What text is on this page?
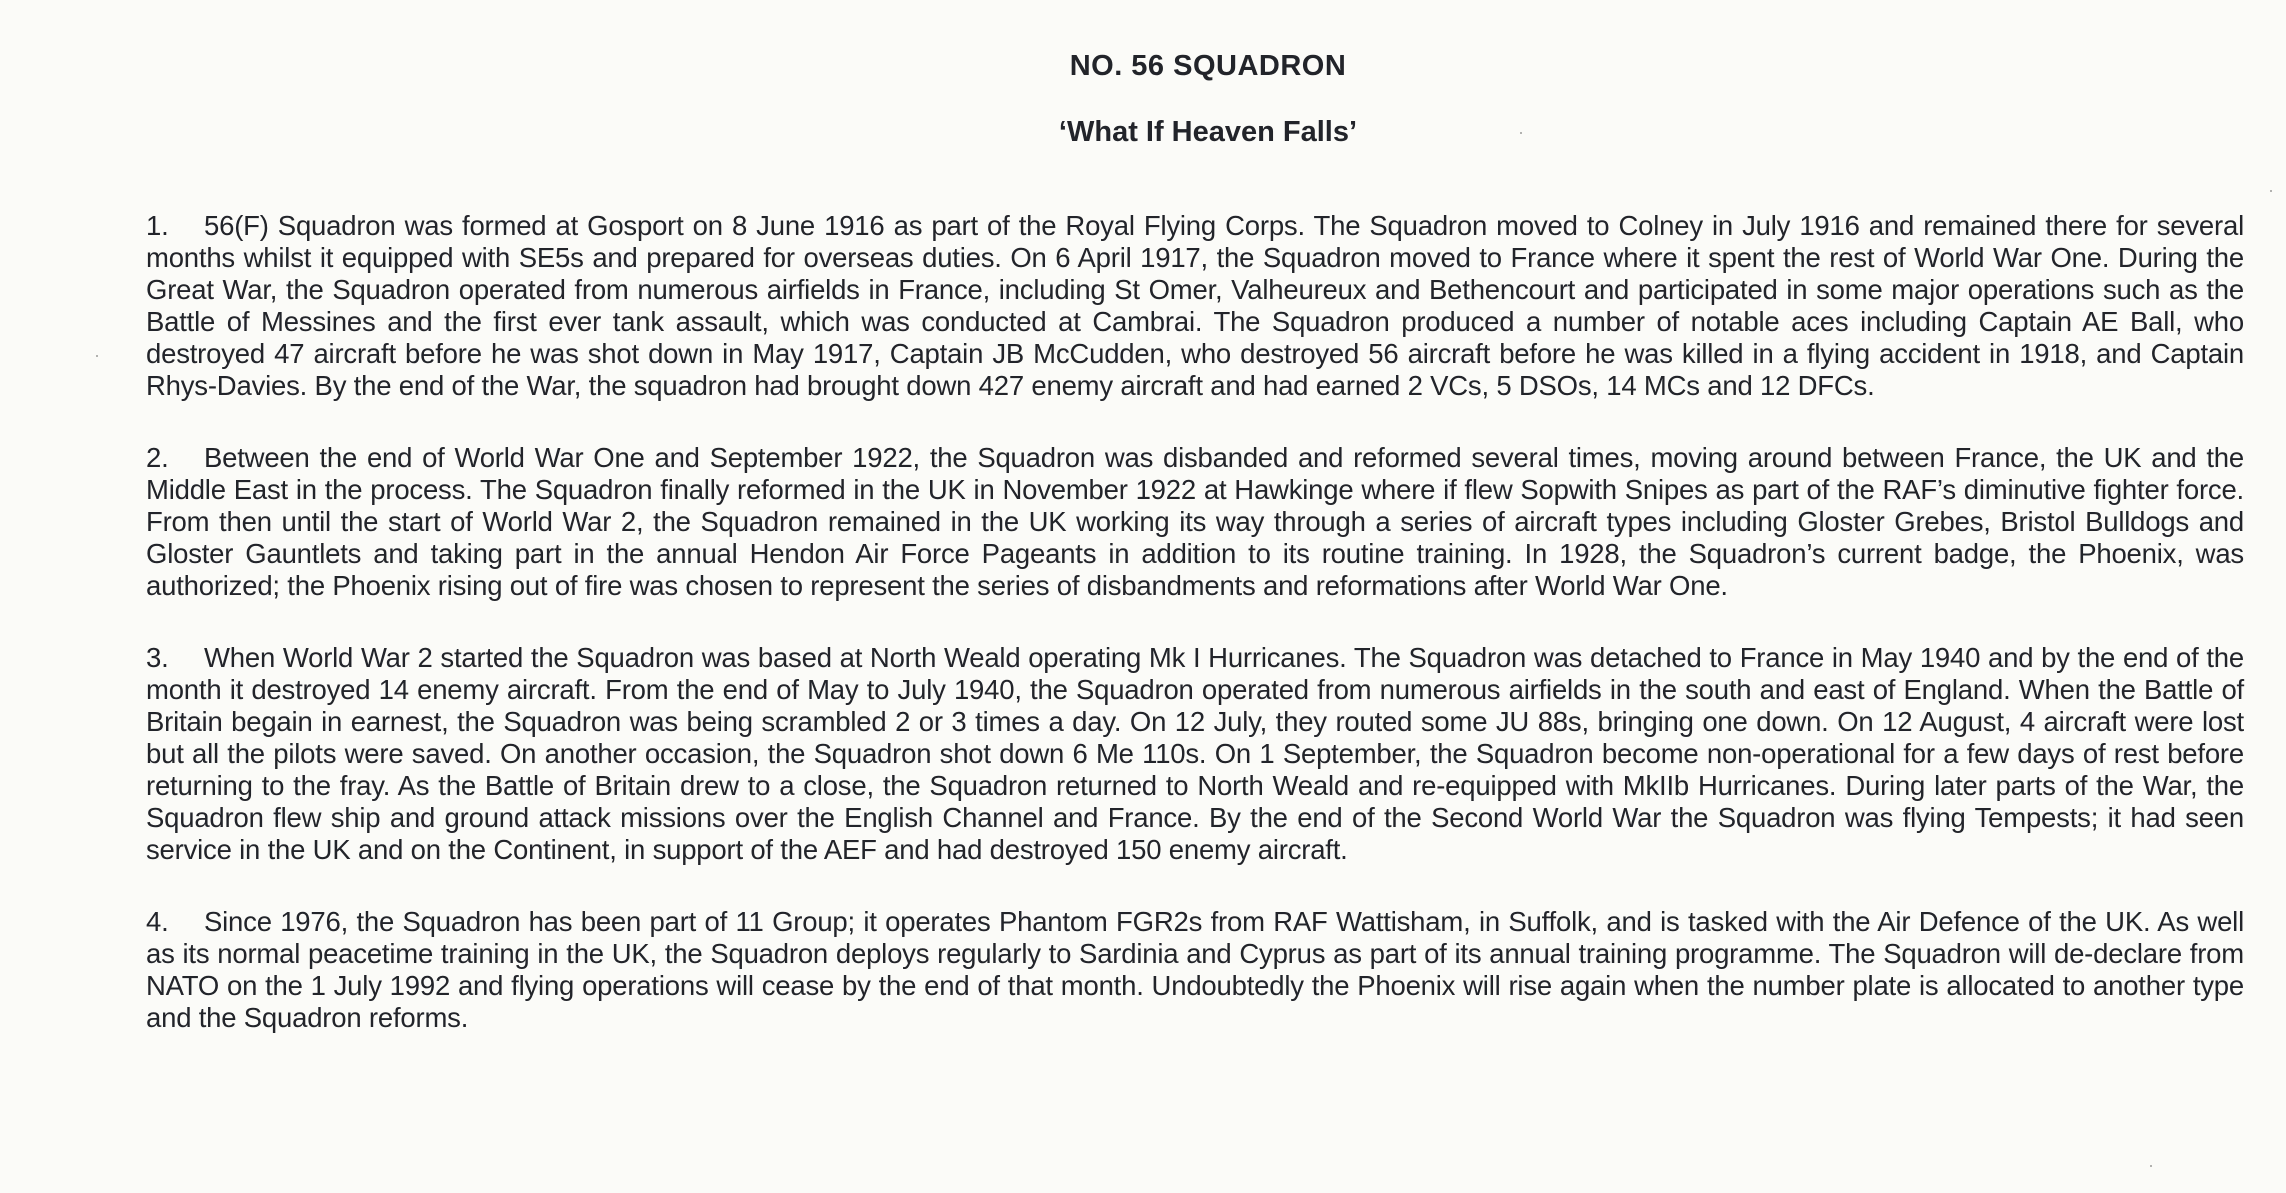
NO. 56 SQUADRON
‘What If Heaven Falls’

1. 56(F) Squadron was formed at Gosport on 8 June 1916 as part of the Royal Flying Corps. The Squadron moved to Colney in July 1916 and remained there for several months whilst it equipped with SE5s and prepared for overseas duties. On 6 April 1917, the Squadron moved to France where it spent the rest of World War One. During the Great War, the Squadron operated from numerous airfields in France, including St Omer, Valheureux and Bethencourt and participated in some major operations such as the Battle of Messines and the first ever tank assault, which was conducted at Cambrai. The Squadron produced a number of notable aces including Captain AE Ball, who destroyed 47 aircraft before he was shot down in May 1917, Captain JB McCudden, who destroyed 56 aircraft before he was killed in a flying accident in 1918, and Captain Rhys-Davies. By the end of the War, the squadron had brought down 427 enemy aircraft and had earned 2 VCs, 5 DSOs, 14 MCs and 12 DFCs.

2. Between the end of World War One and September 1922, the Squadron was disbanded and reformed several times, moving around between France, the UK and the Middle East in the process. The Squadron finally reformed in the UK in November 1922 at Hawkinge where if flew Sopwith Snipes as part of the RAF’s diminutive fighter force. From then until the start of World War 2, the Squadron remained in the UK working its way through a series of aircraft types including Gloster Grebes, Bristol Bulldogs and Gloster Gauntlets and taking part in the annual Hendon Air Force Pageants in addition to its routine training. In 1928, the Squadron’s current badge, the Phoenix, was authorized; the Phoenix rising out of fire was chosen to represent the series of disbandments and reformations after World War One.

3. When World War 2 started the Squadron was based at North Weald operating Mk I Hurricanes. The Squadron was detached to France in May 1940 and by the end of the month it destroyed 14 enemy aircraft. From the end of May to July 1940, the Squadron operated from numerous airfields in the south and east of England. When the Battle of Britain begain in earnest, the Squadron was being scrambled 2 or 3 times a day. On 12 July, they routed some JU 88s, bringing one down. On 12 August, 4 aircraft were lost but all the pilots were saved. On another occasion, the Squadron shot down 6 Me 110s. On 1 September, the Squadron become non-operational for a few days of rest before returning to the fray. As the Battle of Britain drew to a close, the Squadron returned to North Weald and re-equipped with MkIIb Hurricanes. During later parts of the War, the Squadron flew ship and ground attack missions over the English Channel and France. By the end of the Second World War the Squadron was flying Tempests; it had seen service in the UK and on the Continent, in support of the AEF and had destroyed 150 enemy aircraft.

4. Since 1976, the Squadron has been part of 11 Group; it operates Phantom FGR2s from RAF Wattisham, in Suffolk, and is tasked with the Air Defence of the UK. As well as its normal peacetime training in the UK, the Squadron deploys regularly to Sardinia and Cyprus as part of its annual training programme. The Squadron will de-declare from NATO on the 1 July 1992 and flying operations will cease by the end of that month. Undoubtedly the Phoenix will rise again when the number plate is allocated to another type and the Squadron reforms.
